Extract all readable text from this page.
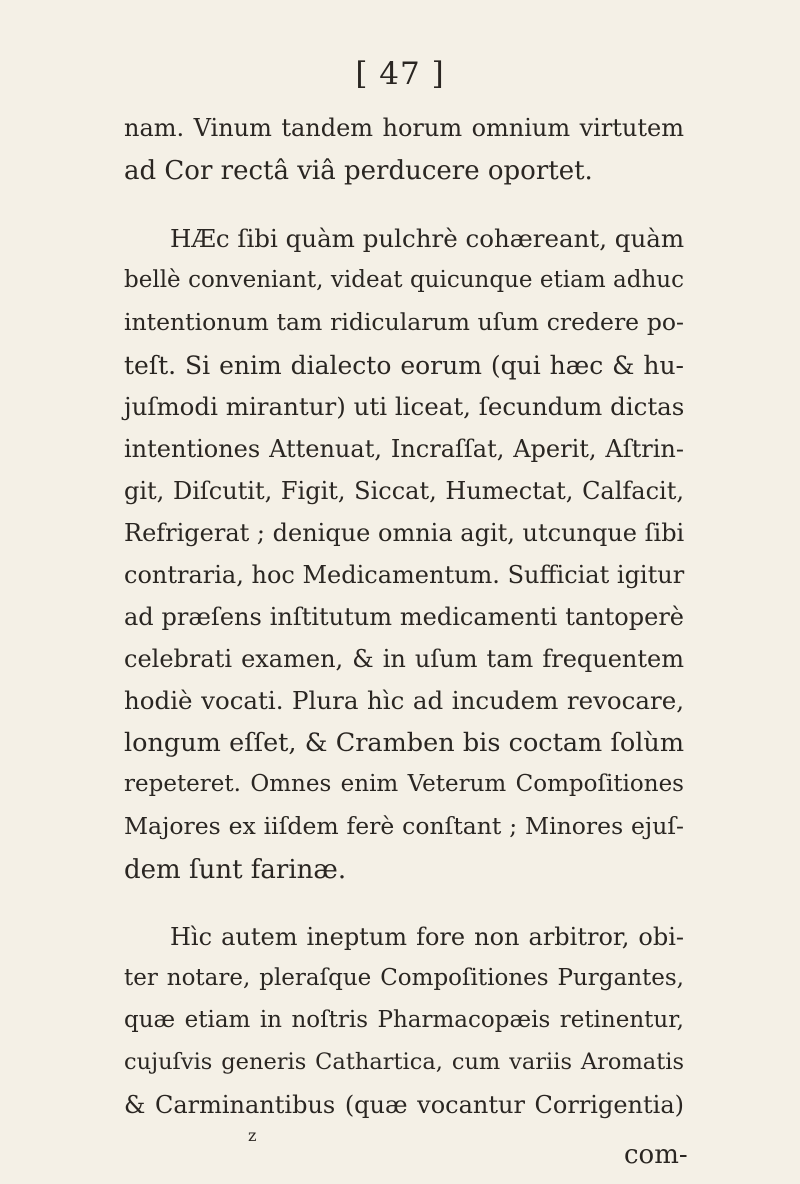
[ 47 ]
nam. Vinum tandem horum omnium virtutem
ad Cor rectâ viâ perducere oportet.
HÆc ſibi quàm pulchrè cohæreant, quàm
bellè conveniant, videat quicunque etiam adhuc
intentionum tam ridicularum uſum credere po-
teſt. Si enim dialecto eorum (qui hæc & hu-
juſmodi mirantur) uti liceat, ſecundum dictas
intentiones Attenuat, Incraſſat, Aperit, Aſtrin-
git, Diſcutit, Figit, Siccat, Humectat, Calfacit,
Refrigerat ; denique omnia agit, utcunque ſibi
contraria, hoc Medicamentum. Sufficiat igitur
ad præſens inſtitutum medicamenti tantoperè
celebrati examen, & in uſum tam frequentem
hodiè vocati. Plura hìc ad incudem revocare,
longum eſſet, & Cramben bis coctam ſolùm
repeteret. Omnes enim Veterum Compoſitiones
Majores ex iiſdem ferè conſtant ; Minores ejuſ-
dem ſunt farinæ.
Hìc autem ineptum fore non arbitror, obi-
ter notare, pleraſque Compoſitiones Purgantes,
quæ etiam in noſtris Pharmacopæis retinentur,
cujuſvis generis Cathartica, cum variis Aromatis
& Carminantibus (quæ vocantur Corrigentia)
z
com-
